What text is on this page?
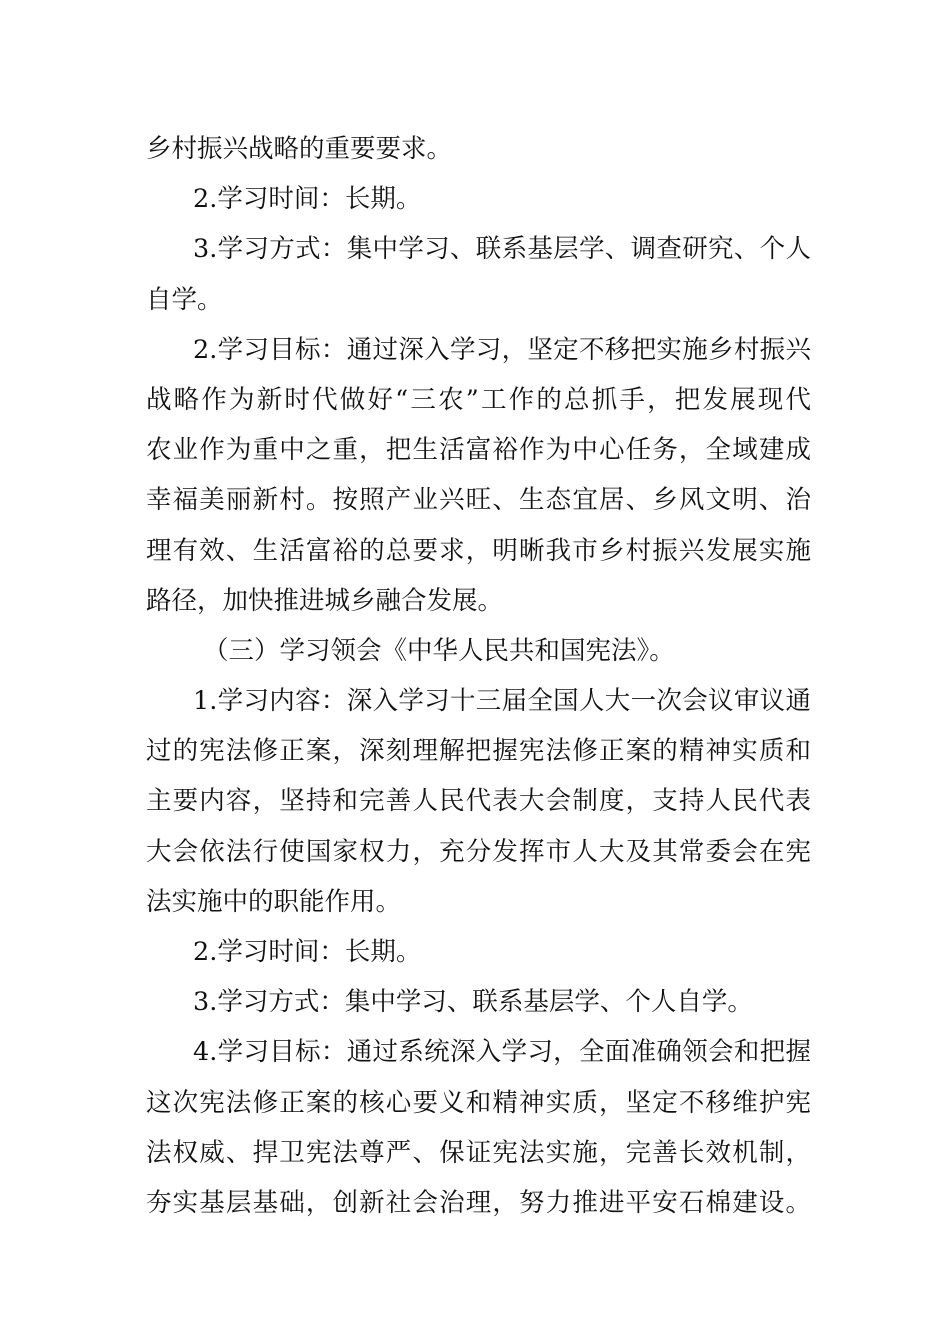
乡村振兴战略的重要要求。
2.学习时间：长期。
3.学习方式：集中学习、联系基层学、调查研究、个人
自学。
2.学习目标：通过深入学习，坚定不移把实施乡村振兴
战略作为新时代做好“三农”工作的总抓手，把发展现代
农业作为重中之重，把生活富裕作为中心任务，全域建成
幸福美丽新村。按照产业兴旺、生态宜居、乡风文明、治
理有效、生活富裕的总要求，明晰我市乡村振兴发展实施
路径，加快推进城乡融合发展。
（三）学习领会《中华人民共和国宪法》。
1.学习内容：深入学习十三届全国人大一次会议审议通
过的宪法修正案，深刻理解把握宪法修正案的精神实质和
主要内容，坚持和完善人民代表大会制度，支持人民代表
大会依法行使国家权力，充分发挥市人大及其常委会在宪
法实施中的职能作用。
2.学习时间：长期。
3.学习方式：集中学习、联系基层学、个人自学。
4.学习目标：通过系统深入学习，全面准确领会和把握
这次宪法修正案的核心要义和精神实质，坚定不移维护宪
法权威、捍卫宪法尊严、保证宪法实施，完善长效机制，
夯实基层基础，创新社会治理，努力推进平安石棉建设。
